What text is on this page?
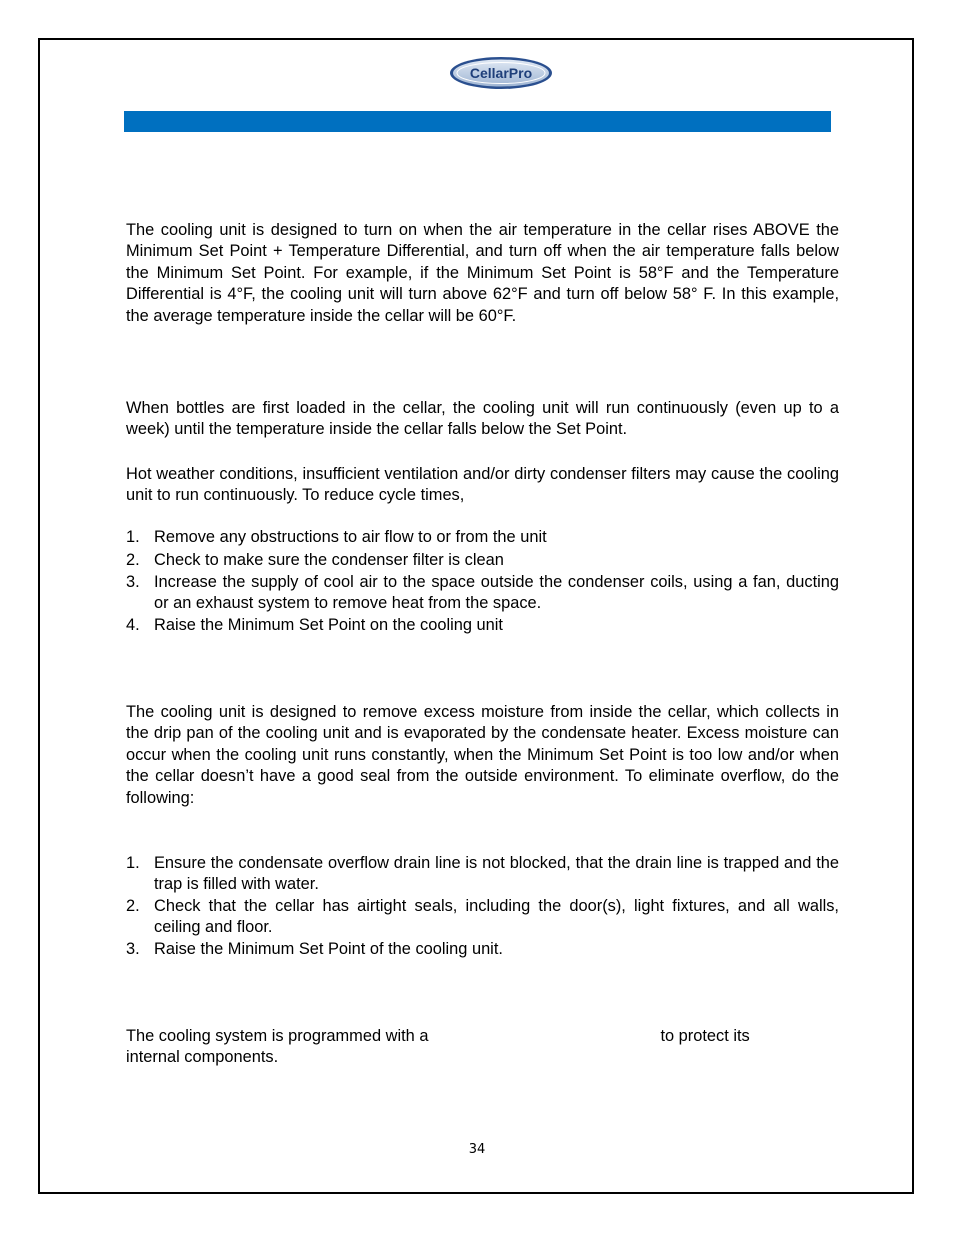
CellarPro

The cooling unit is designed to turn on when the air temperature in the cellar rises ABOVE the Minimum Set Point + Temperature Differential, and turn off when the air temperature falls below the Minimum Set Point. For example, if the Minimum Set Point is 58°F and the Temperature Differential is 4°F, the cooling unit will turn above 62°F and turn off below 58° F. In this example, the average temperature inside the cellar will be 60°F.

When bottles are first loaded in the cellar, the cooling unit will run continuously (even up to a week) until the temperature inside the cellar falls below the Set Point.

Hot weather conditions, insufficient ventilation and/or dirty condenser filters may cause the cooling unit to run continuously. To reduce cycle times,

1. Remove any obstructions to air flow to or from the unit
2. Check to make sure the condenser filter is clean
3. Increase the supply of cool air to the space outside the condenser coils, using a fan, ducting or an exhaust system to remove heat from the space.
4. Raise the Minimum Set Point on the cooling unit

The cooling unit is designed to remove excess moisture from inside the cellar, which collects in the drip pan of the cooling unit and is evaporated by the condensate heater. Excess moisture can occur when the cooling unit runs constantly, when the Minimum Set Point is too low and/or when the cellar doesn’t have a good seal from the outside environment. To eliminate overflow, do the following:

1. Ensure the condensate overflow drain line is not blocked, that the drain line is trapped and the trap is filled with water.
2. Check that the cellar has airtight seals, including the door(s), light fixtures, and all walls, ceiling and floor.
3. Raise the Minimum Set Point of the cooling unit.

The cooling system is programmed with a	to protect its
internal components.

34
